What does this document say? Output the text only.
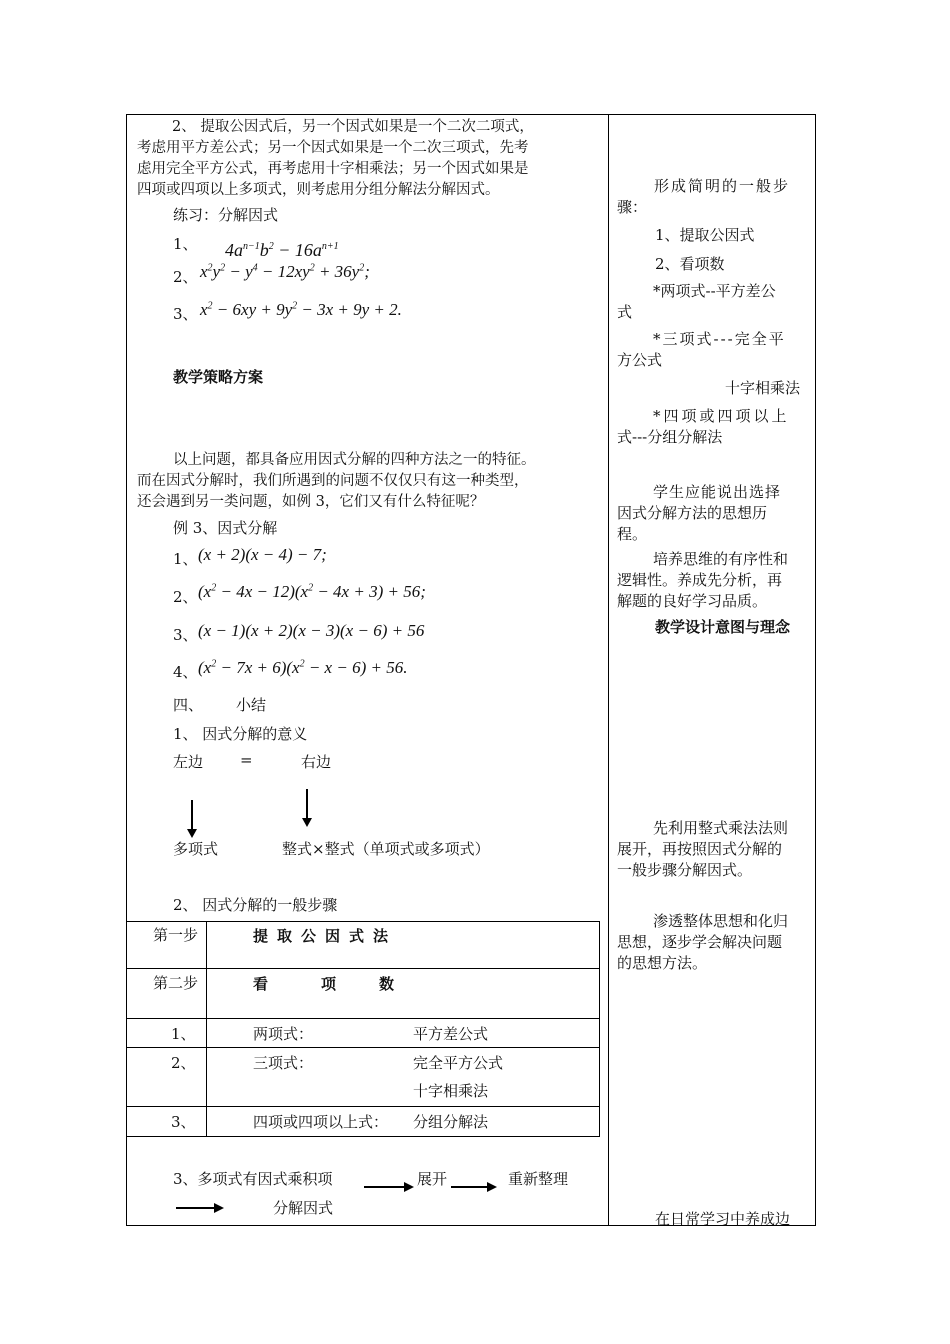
2、 提取公因式后，另一个因式如果是一个二次二项式，
考虑用平方差公式；另一个因式如果是一个二次三项式，先考
虑用完全平方公式，再考虑用十字相乘法；另一个因式如果是
四项或四项以上多项式，则考虑用分组分解法分解因式。
练习：分解因式
1、 $4a^{n-1}b^2 - 16a^{n+1}$
2、 $x^2y^2 - y^4 - 12xy^2 + 36y^2$;
3、 $x^2 - 6xy + 9y^2 - 3x + 9y + 2$.
教学策略方案
以上问题，都具备应用因式分解的四种方法之一的特征。
而在因式分解时，我们所遇到的问题不仅仅只有这一种类型，
还会遇到另一类问题，如例 3，它们又有什么特征呢？
例 3、因式分解
1、 (x + 2)(x − 4) − 7;
2、 $(x^2 - 4x - 12)(x^2 - 4x + 3) + 56$;
3、 (x − 1)(x + 2)(x − 3)(x − 6) + 56
4、 $(x^2 - 7x + 6)(x^2 - x - 6) + 56$.
四、 小结
1、 因式分解的意义
左边 =	右边
多项式	整式×整式（单项式或多项式）
2、 因式分解的一般步骤
第一步	提取公因式法
第二步	看	项	数
1、	两项式：	平方差公式
2、	三项式：	完全平方公式
十字相乘法
3、	四项或四项以上式： 分组分解法
3、多项式有因式乘积项	展开	重新整理
分解因式
形成简明的一般步
骤：
1、提取公因式
2、看项数
*两项式--平方差公
式
*三项式---完全平
方公式
十字相乘法
*四项或四项以上
式---分组分解法
学生应能说出选择
因式分解方法的思想历
程。
培养思维的有序性和
逻辑性。养成先分析，再
解题的良好学习品质。
教学设计意图与理念
先利用整式乘法法则
展开，再按照因式分解的
一般步骤分解因式。
渗透整体思想和化归
思想，逐步学会解决问题
的思想方法。
在日常学习中养成边
